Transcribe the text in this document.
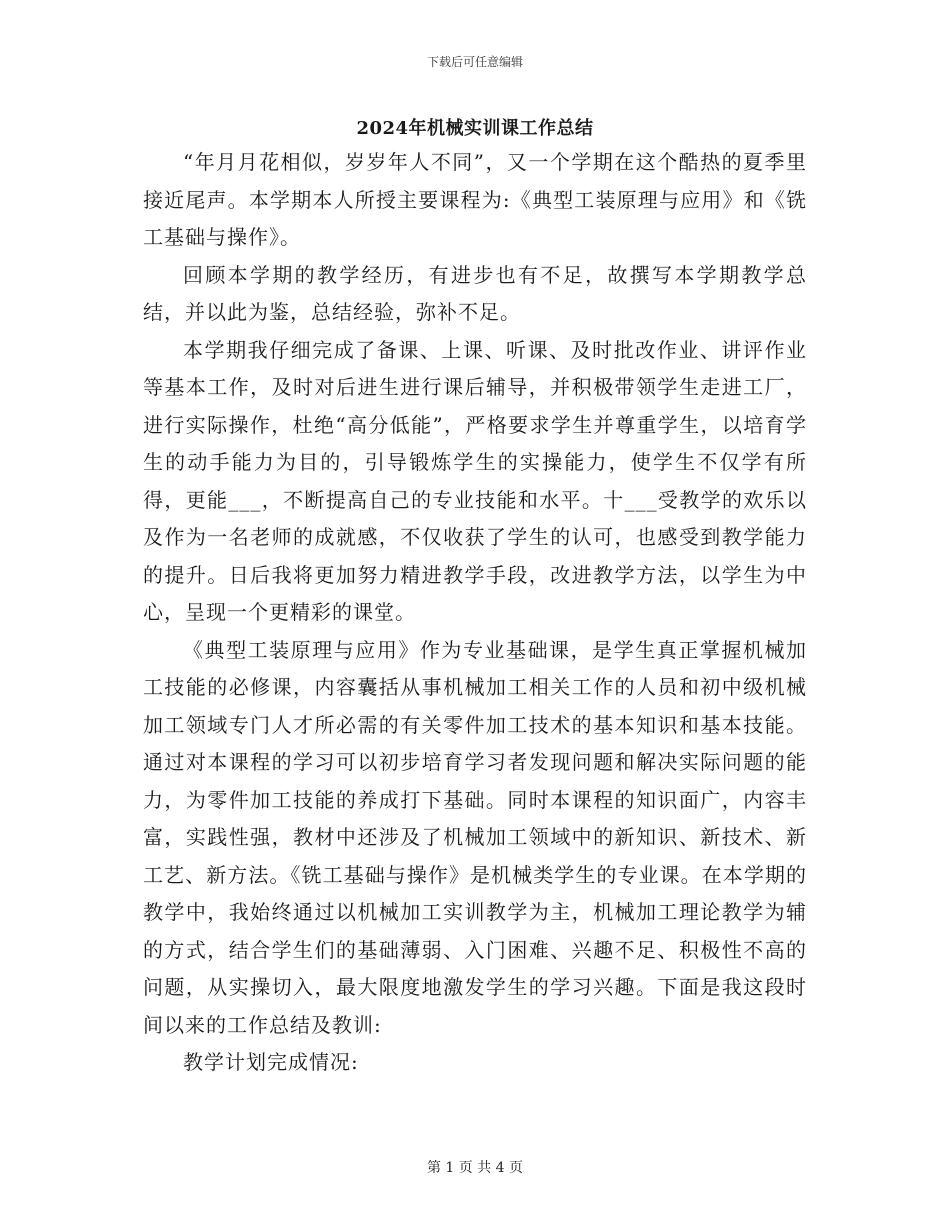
下载后可任意编辑
2024年机械实训课工作总结

“年月月花相似，岁岁年人不同”，又一个学期在这个酷热的夏季里接近尾声。本学期本人所授主要课程为:《典型工装原理与应用》和《铣工基础与操作》。

回顾本学期的教学经历，有进步也有不足，故撰写本学期教学总结，并以此为鉴，总结经验，弥补不足。

本学期我仔细完成了备课、上课、听课、及时批改作业、讲评作业等基本工作，及时对后进生进行课后辅导，并积极带领学生走进工厂，进行实际操作，杜绝“高分低能”，严格要求学生并尊重学生，以培育学生的动手能力为目的，引导锻炼学生的实操能力，使学生不仅学有所得，更能___，不断提高自己的专业技能和水平。十___受教学的欢乐以及作为一名老师的成就感，不仅收获了学生的认可，也感受到教学能力的提升。日后我将更加努力精进教学手段，改进教学方法，以学生为中心，呈现一个更精彩的课堂。

《典型工装原理与应用》作为专业基础课，是学生真正掌握机械加工技能的必修课，内容囊括从事机械加工相关工作的人员和初中级机械加工领域专门人才所必需的有关零件加工技术的基本知识和基本技能。通过对本课程的学习可以初步培育学习者发现问题和解决实际问题的能力，为零件加工技能的养成打下基础。同时本课程的知识面广，内容丰富，实践性强，教材中还涉及了机械加工领域中的新知识、新技术、新工艺、新方法。《铣工基础与操作》是机械类学生的专业课。在本学期的教学中，我始终通过以机械加工实训教学为主，机械加工理论教学为辅的方式，结合学生们的基础薄弱、入门困难、兴趣不足、积极性不高的问题，从实操切入，最大限度地激发学生的学习兴趣。下面是我这段时间以来的工作总结及教训:

教学计划完成情况:

第 1 页 共 4 页
